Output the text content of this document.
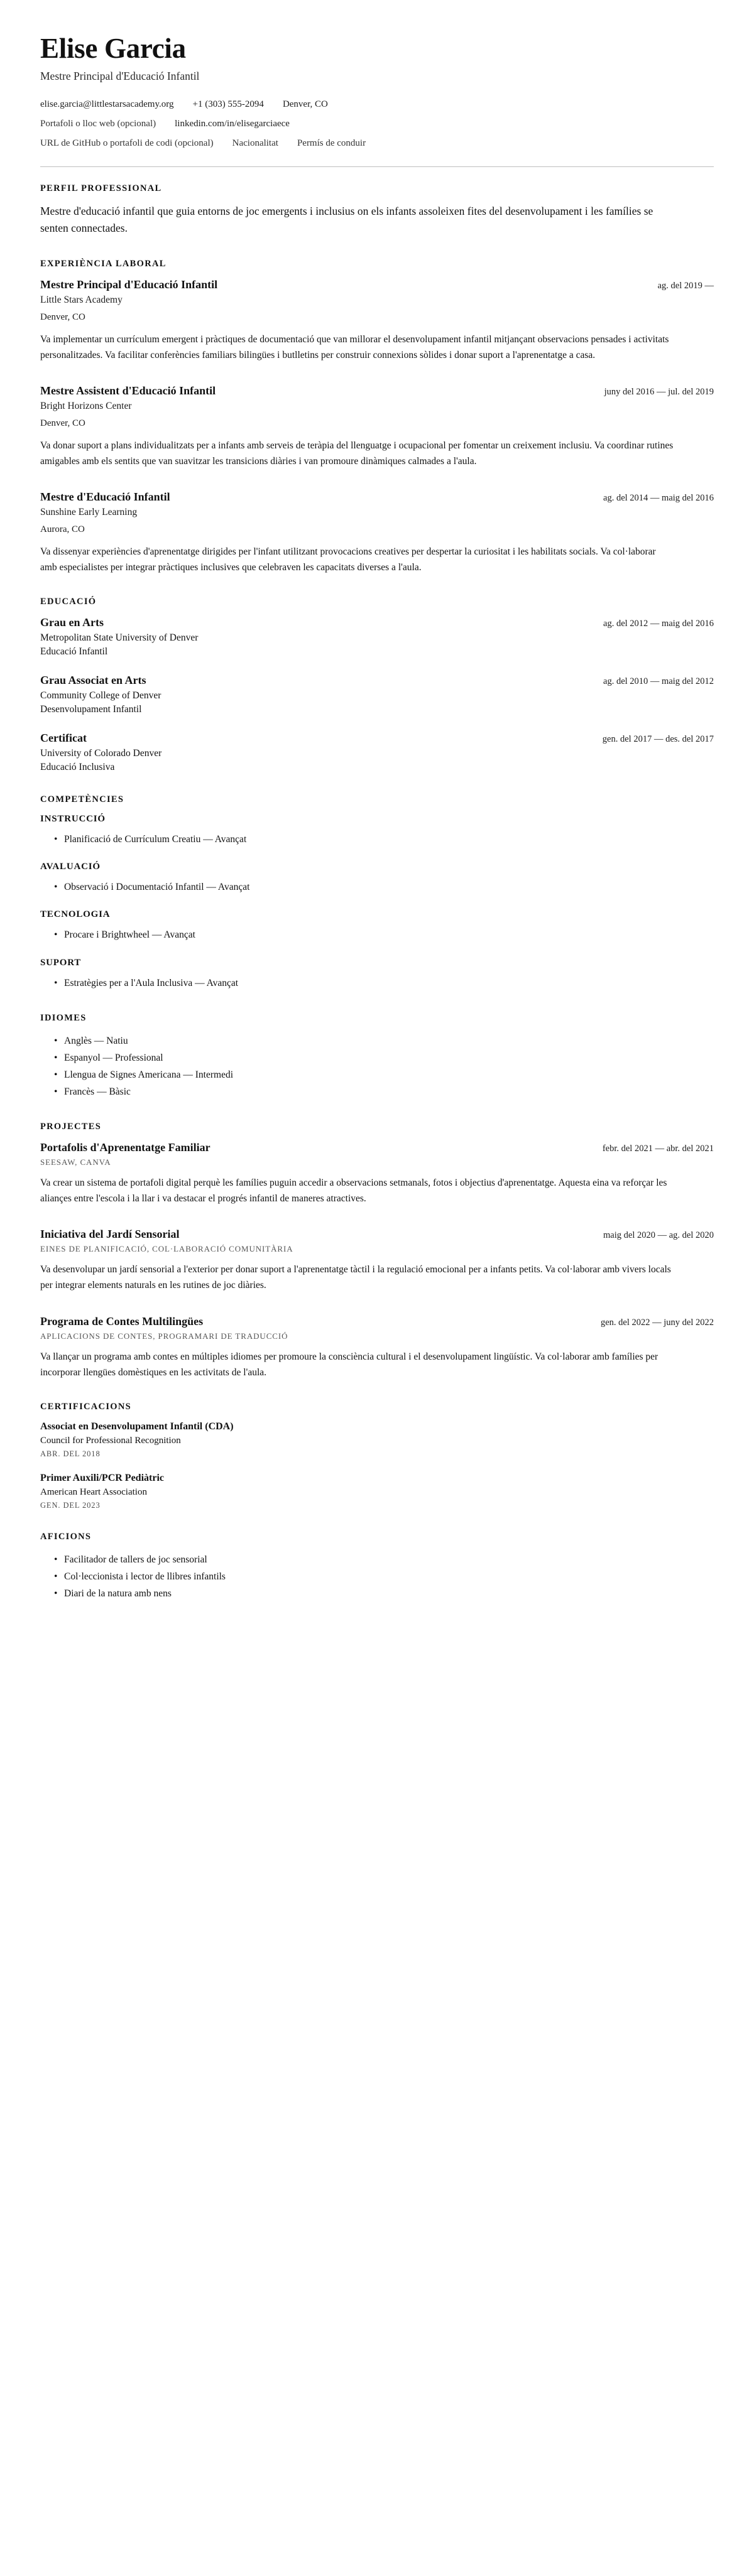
Elise Garcia

Mestre Principal d'Educació Infantil

elise.garcia@littlestarsacademy.org +1 (303) 555-2094 Denver, CO
Portafoli o lloc web (opcional) linkedin.com/in/elisegarciaece
URL de GitHub o portafoli de codi (opcional) Nacionalitat Permís de conduir
PERFIL PROFESSIONAL

Mestre d'educació infantil que guia entorns de joc emergents i inclusius on els infants assoleixen fites del desenvolupament i les famílies se senten connectades.

EXPERIÈNCIA LABORAL
Mestre Principal d'Educació Infantil	ag. del 2019 —

Little Stars Academy

Denver, CO

Va implementar un currículum emergent i pràctiques de documentació que van millorar el desenvolupament infantil mitjançant observacions pensades i activitats personalitzades. Va facilitar conferències familiars bilingües i butlletins per construir connexions sòlides i donar suport a l'aprenentatge a casa.

Mestre Assistent d'Educació Infantil	juny del 2016 — jul. del 2019

Bright Horizons Center

Denver, CO

Va donar suport a plans individualitzats per a infants amb serveis de teràpia del llenguatge i ocupacional per fomentar un creixement inclusiu. Va coordinar rutines amigables amb els sentits que van suavitzar les transicions diàries i van promoure dinàmiques calmades a l'aula.

Mestre d'Educació Infantil	ag. del 2014 — maig del 2016

Sunshine Early Learning

Aurora, CO

Va dissenyar experiències d'aprenentatge dirigides per l'infant utilitzant provocacions creatives per despertar la curiositat i les habilitats socials. Va col·laborar amb especialistes per integrar pràctiques inclusives que celebraven les capacitats diverses a l'aula.

EDUCACIÓ
Grau en Arts	ag. del 2012 — maig del 2016

Metropolitan State University of Denver

Educació Infantil

Grau Associat en Arts	ag. del 2010 — maig del 2012

Community College of Denver

Desenvolupament Infantil

Certificat	gen. del 2017 — des. del 2017

University of Colorado Denver

Educació Inclusiva

COMPETÈNCIES
INSTRUCCIÓ
• Planificació de Currículum Creatiu — Avançat
AVALUACIÓ
• Observació i Documentació Infantil — Avançat
TECNOLOGIA
• Procare i Brightwheel — Avançat
SUPORT
• Estratègies per a l'Aula Inclusiva — Avançat
IDIOMES
• Anglès — Natiu
• Espanyol — Professional
• Llengua de Signes Americana — Intermedi
• Francès — Bàsic
PROJECTES
Portafolis d'Aprenentatge Familiar	febr. del 2021 — abr. del 2021

SEESAW, CANVA

Va crear un sistema de portafoli digital perquè les famílies puguin accedir a observacions setmanals, fotos i objectius d'aprenentatge. Aquesta eina va reforçar les aliançes entre l'escola i la llar i va destacar el progrés infantil de maneres atractives.

Iniciativa del Jardí Sensorial	maig del 2020 — ag. del 2020

EINES DE PLANIFICACIÓ, COL·LABORACIÓ COMUNITÀRIA

Va desenvolupar un jardí sensorial a l'exterior per donar suport a l'aprenentatge tàctil i la regulació emocional per a infants petits. Va col·laborar amb vivers locals per integrar elements naturals en les rutines de joc diàries.

Programa de Contes Multilingües	gen. del 2022 — juny del 2022

APLICACIONS DE CONTES, PROGRAMARI DE TRADUCCIÓ

Va llançar un programa amb contes en múltiples idiomes per promoure la consciència cultural i el desenvolupament lingüístic. Va col·laborar amb famílies per incorporar llengües domèstiques en les activitats de l'aula.

CERTIFICACIONS
Associat en Desenvolupament Infantil (CDA)

Council for Professional Recognition

ABR. DEL 2018

Primer Auxili/PCR Pediàtric

American Heart Association

GEN. DEL 2023

AFICIONS
• Facilitador de tallers de joc sensorial
• Col·leccionista i lector de llibres infantils
• Diari de la natura amb nens
